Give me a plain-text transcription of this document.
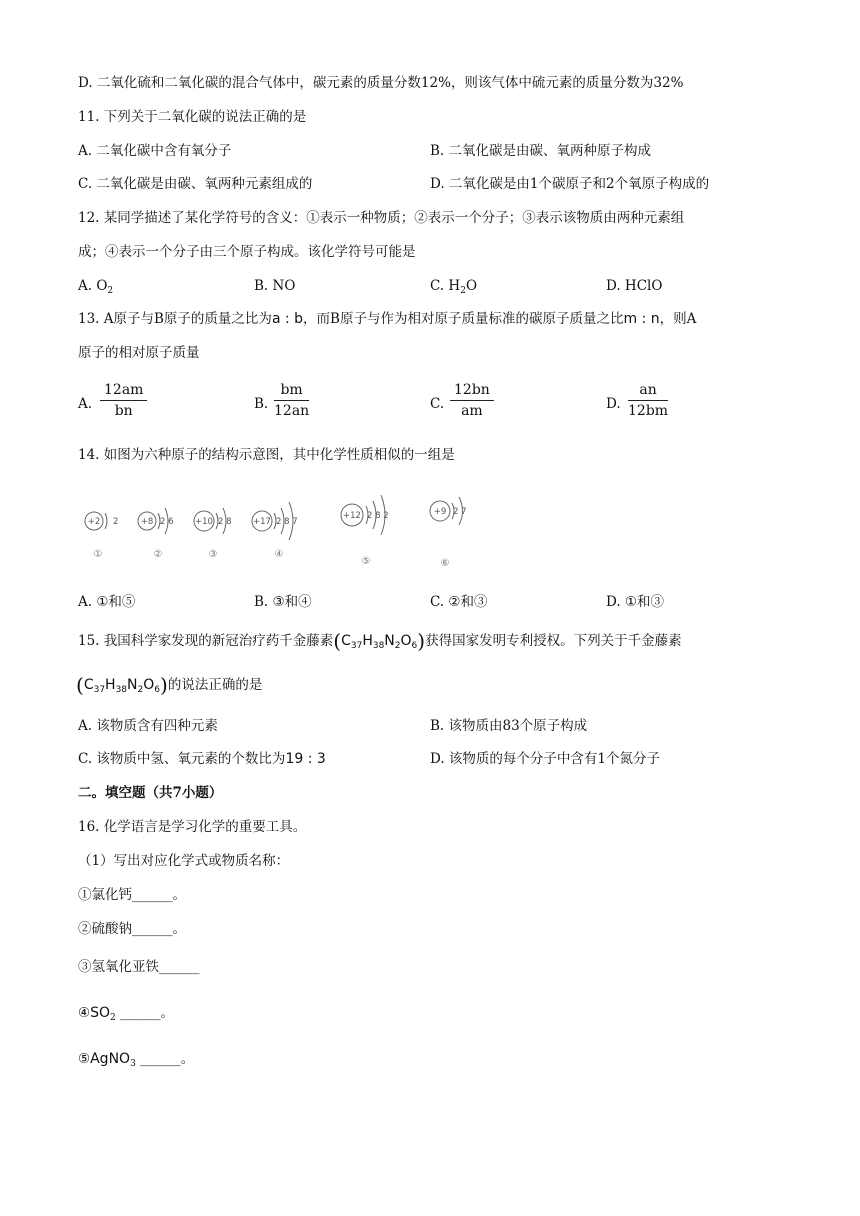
D. 二氧化硫和二氧化碳的混合气体中，碳元素的质量分数12%，则该气体中硫元素的质量分数为32%
11. 下列关于二氧化碳的说法正确的是
A. 二氧化碳中含有氧分子	B. 二氧化碳是由碳、氧两种原子构成
C. 二氧化碳是由碳、氧两种元素组成的	D. 二氧化碳是由1个碳原子和2个氧原子构成的
12. 某同学描述了某化学符号的含义：①表示一种物质；②表示一个分子；③表示该物质由两种元素组
成；④表示一个分子由三个原子构成。该化学符号可能是
A. $O_2$	B. NO	C. $H_2O$	D. HClO
13. A原子与B原子的质量之比为a : b，而B原子与作为相对原子质量标准的碳原子质量之比m : n，则A
原子的相对原子质量
A. $\frac{12am}{bn}$	B. $\frac{bm}{12an}$	C. $\frac{12bn}{am}$	D. $\frac{an}{12bm}$
14. 如图为六种原子的结构示意图，其中化学性质相似的一组是
+2 2	+8 2 6	+10 2 8	+17 2 8 7
+12 2 8 2	+9 2 7
①	②	③	④
⑤	⑥
A. ①和⑤	B. ③和④	C. ②和③	D. ①和③
15. 我国科学家发现的新冠治疗药千金藤素$(C_{37}H_{38}N_2O_6)$获得国家发明专利授权。下列关于千金藤素
$(C_{37}H_{38}N_2O_6)$的说法正确的是
A. 该物质含有四种元素	B. 该物质由83个原子构成
C. 该物质中氢、氧元素的个数比为19 : 3	D. 该物质的每个分子中含有1个氮分子
二。填空题（共7小题）
16. 化学语言是学习化学的重要工具。
（1）写出对应化学式或物质名称：
①氯化钙______。
②硫酸钠______。
③氢氧化亚铁______
$④SO_2$ ______。
⑤AgNO$_3$ ______。
